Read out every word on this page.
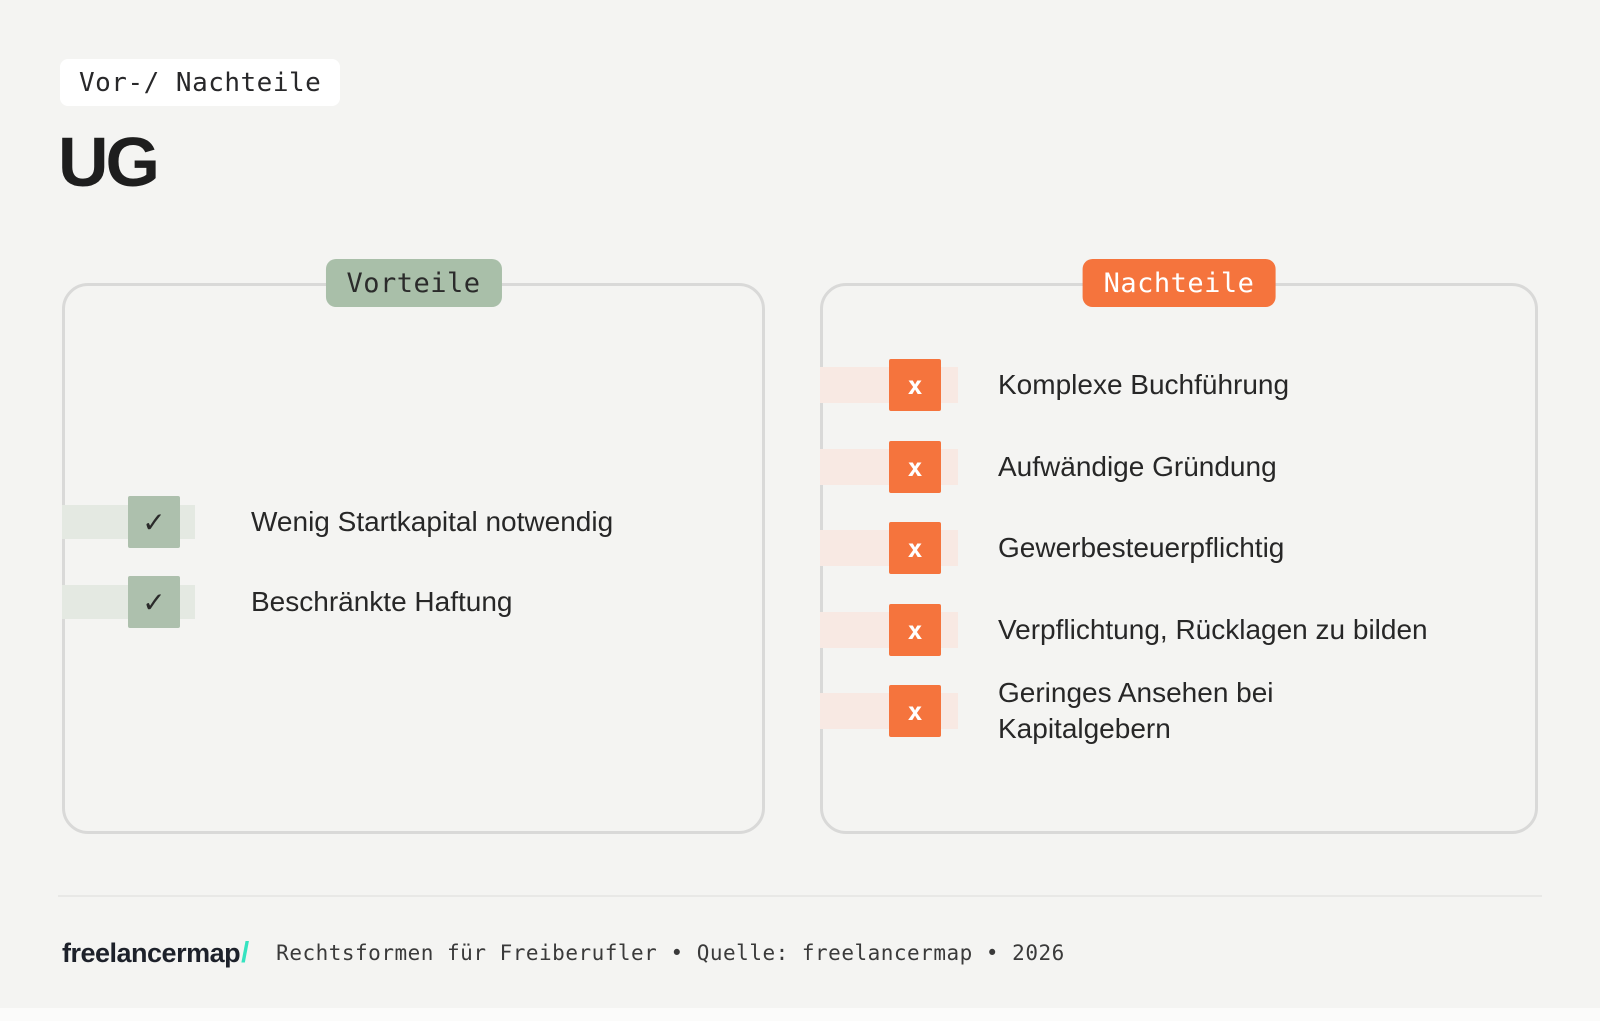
Vor-/ Nachteile
UG
Vorteile
✓	Wenig Startkapital notwendig
✓	Beschränkte Haftung
Nachteile
x	Komplexe Buchführung
x	Aufwändige Gründung
x	Gewerbesteuerpflichtig
x	Verpflichtung, Rücklagen zu bilden
x
Geringes Ansehen bei Kapitalgebern
freelancermap / Rechtsformen für Freiberufler • Quelle: freelancermap • 2026
